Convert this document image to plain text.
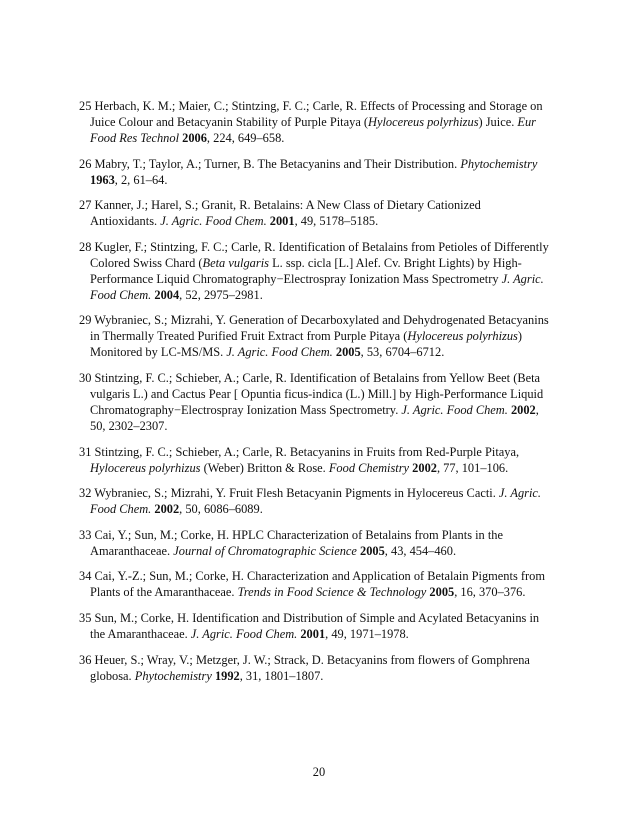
25 Herbach, K. M.; Maier, C.; Stintzing, F. C.; Carle, R. Effects of Processing and Storage on Juice Colour and Betacyanin Stability of Purple Pitaya (Hylocereus polyrhizus) Juice. Eur Food Res Technol 2006, 224, 649–658.
26 Mabry, T.; Taylor, A.; Turner, B. The Betacyanins and Their Distribution. Phytochemistry 1963, 2, 61–64.
27 Kanner, J.; Harel, S.; Granit, R. Betalains: A New Class of Dietary Cationized Antioxidants. J. Agric. Food Chem. 2001, 49, 5178–5185.
28 Kugler, F.; Stintzing, F. C.; Carle, R. Identification of Betalains from Petioles of Differently Colored Swiss Chard (Beta vulgaris L. ssp. cicla [L.] Alef. Cv. Bright Lights) by High-Performance Liquid Chromatography−Electrospray Ionization Mass Spectrometry J. Agric. Food Chem. 2004, 52, 2975–2981.
29 Wybraniec, S.; Mizrahi, Y. Generation of Decarboxylated and Dehydrogenated Betacyanins in Thermally Treated Purified Fruit Extract from Purple Pitaya (Hylocereus polyrhizus) Monitored by LC-MS/MS. J. Agric. Food Chem. 2005, 53, 6704–6712.
30 Stintzing, F. C.; Schieber, A.; Carle, R. Identification of Betalains from Yellow Beet (Beta vulgaris L.) and Cactus Pear [ Opuntia ficus-indica (L.) Mill.] by High-Performance Liquid Chromatography−Electrospray Ionization Mass Spectrometry. J. Agric. Food Chem. 2002, 50, 2302–2307.
31 Stintzing, F. C.; Schieber, A.; Carle, R. Betacyanins in Fruits from Red-Purple Pitaya, Hylocereus polyrhizus (Weber) Britton & Rose. Food Chemistry 2002, 77, 101–106.
32 Wybraniec, S.; Mizrahi, Y. Fruit Flesh Betacyanin Pigments in Hylocereus Cacti. J. Agric. Food Chem. 2002, 50, 6086–6089.
33 Cai, Y.; Sun, M.; Corke, H. HPLC Characterization of Betalains from Plants in the Amaranthaceae. Journal of Chromatographic Science 2005, 43, 454–460.
34 Cai, Y.-Z.; Sun, M.; Corke, H. Characterization and Application of Betalain Pigments from Plants of the Amaranthaceae. Trends in Food Science & Technology 2005, 16, 370–376.
35 Sun, M.; Corke, H. Identification and Distribution of Simple and Acylated Betacyanins in the Amaranthaceae. J. Agric. Food Chem. 2001, 49, 1971–1978.
36 Heuer, S.; Wray, V.; Metzger, J. W.; Strack, D. Betacyanins from flowers of Gomphrena globosa. Phytochemistry 1992, 31, 1801–1807.
20
